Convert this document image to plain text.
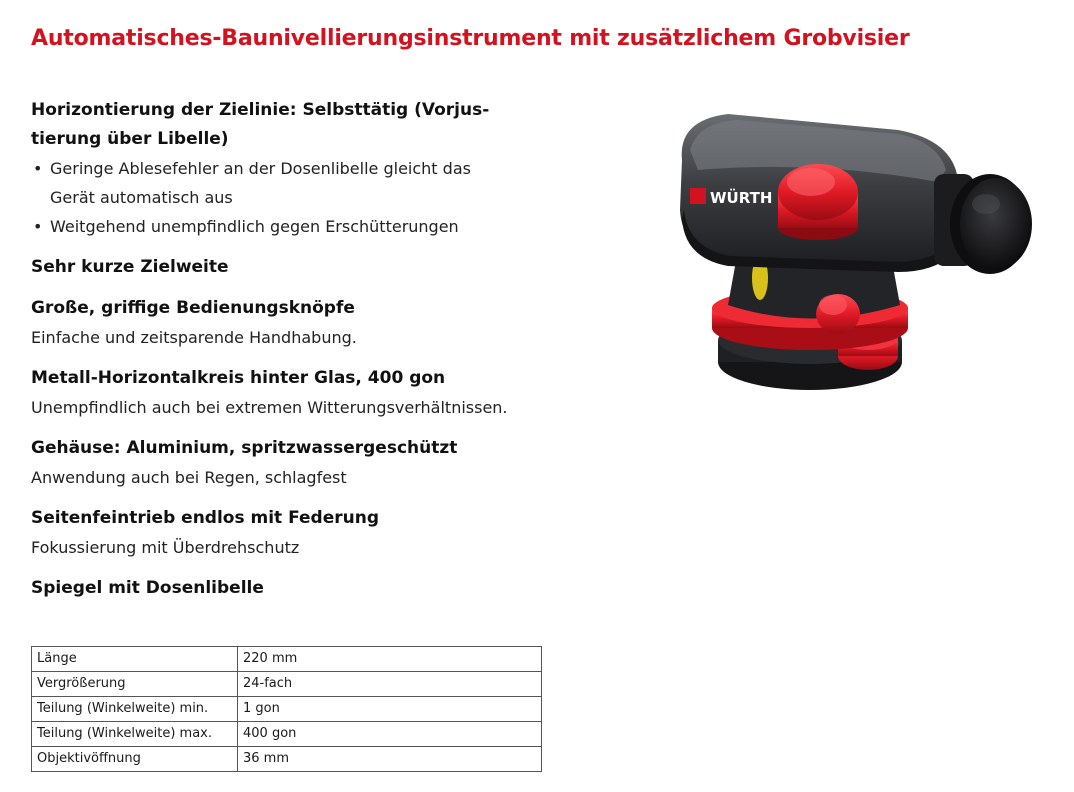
Automatisches-Baunivellierungsinstrument mit zusätzlichem Grobvisier
Horizontierung der Zielinie: Selbsttätig (Vorjus-
tierung über Libelle)
• Geringe Ablesefehler an der Dosenlibelle gleicht das
Gerät automatisch aus
• Weitgehend unempfindlich gegen Erschütterungen
Sehr kurze Zielweite
Große, griffige Bedienungsknöpfe
Einfache und zeitsparende Handhabung.
Metall-Horizontalkreis hinter Glas, 400 gon
Unempfindlich auch bei extremen Witterungsverhältnissen.
Gehäuse: Aluminium, spritzwassergeschützt
Anwendung auch bei Regen, schlagfest
Seitenfeintrieb endlos mit Federung
Fokussierung mit Überdrehschutz
Spiegel mit Dosenlibelle
Länge	220 mm
Vergrößerung	24-fach
Teilung (Winkelweite) min.	1 gon
Teilung (Winkelweite) max.	400 gon
Objektivöffnung	36 mm
WÜRTH
